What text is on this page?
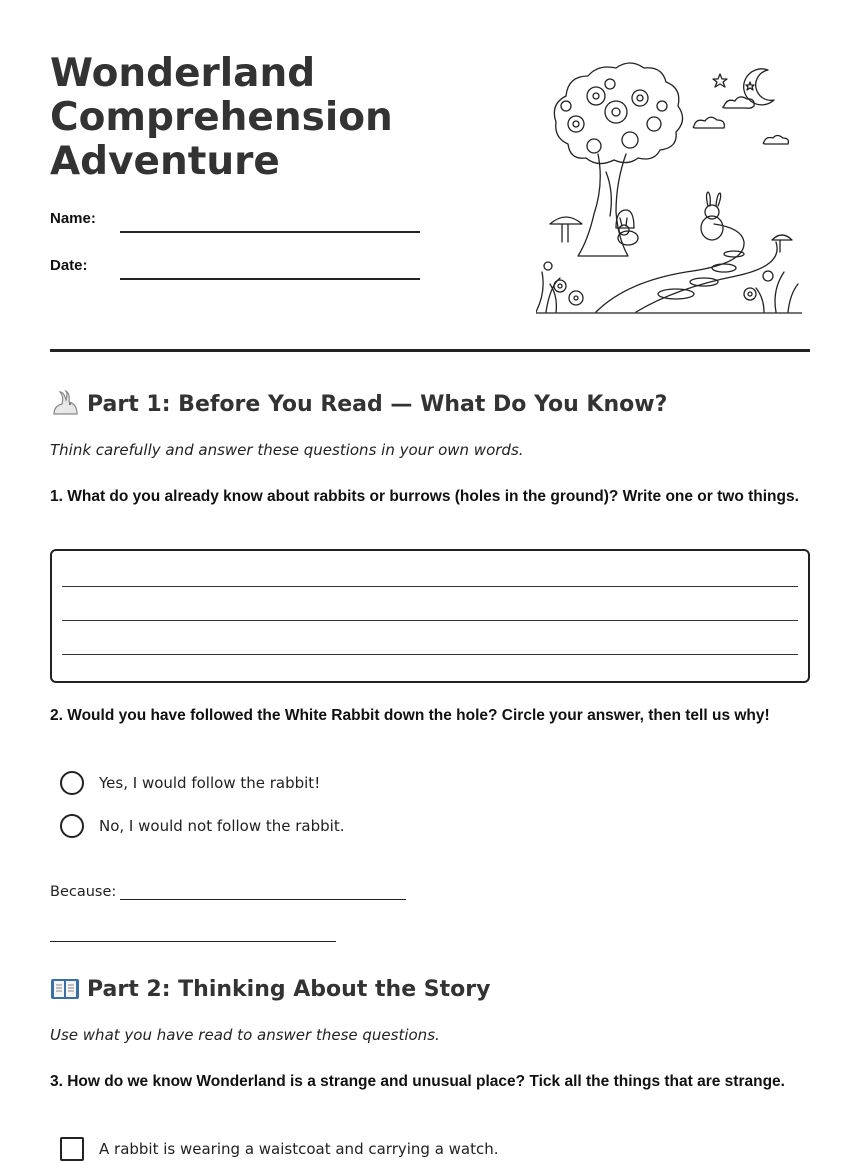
Wonderland Comprehension Adventure
Name:
Date:
Part 1: Before You Read — What Do You Know?
Think carefully and answer these questions in your own words.

1. What do you already know about rabbits or burrows (holes in the ground)? Write one or two things.

2. Would you have followed the White Rabbit down the hole? Circle your answer, then tell us why!

Yes, I would follow the rabbit!
No, I would not follow the rabbit.
Because:
Part 2: Thinking About the Story
Use what you have read to answer these questions.

3. How do we know Wonderland is a strange and unusual place? Tick all the things that are strange.

A rabbit is wearing a waistcoat and carrying a watch.
